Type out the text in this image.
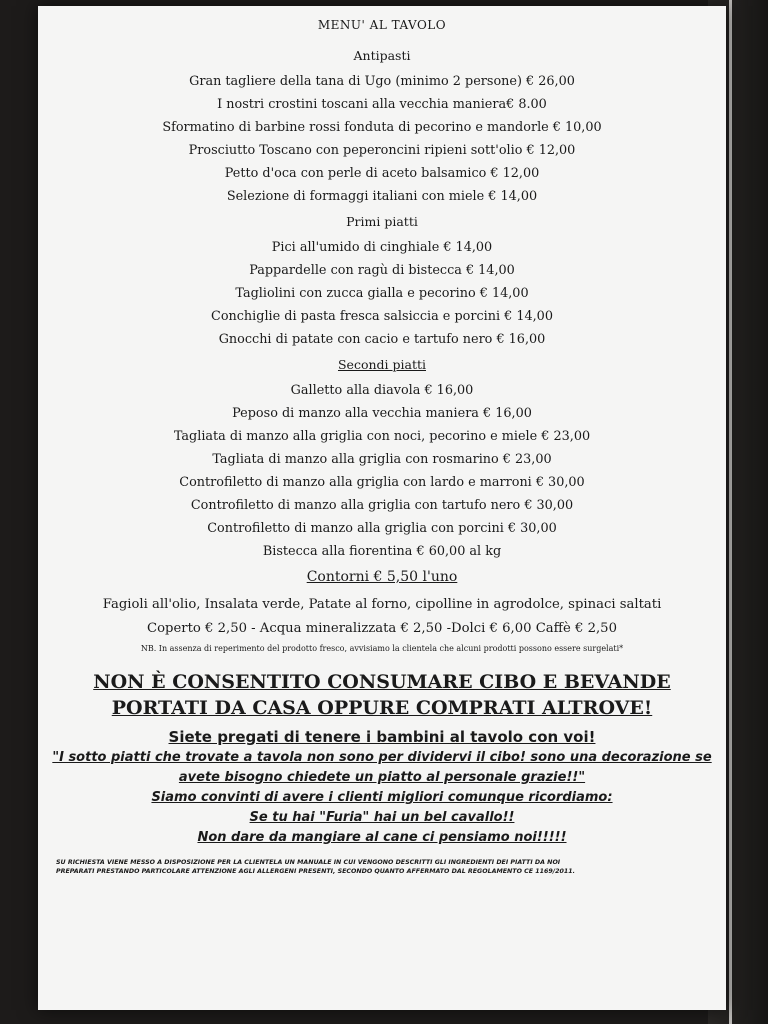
MENU' AL TAVOLO
Antipasti
Gran tagliere della tana di Ugo (minimo 2 persone) € 26,00
I nostri crostini toscani alla vecchia maniera€ 8.00
Sformatino di barbine rossi fonduta di pecorino e mandorle € 10,00
Prosciutto Toscano con peperoncini ripieni sott'olio € 12,00
Petto d'oca con perle di aceto balsamico € 12,00
Selezione di formaggi italiani con miele € 14,00
Primi piatti
Pici all'umido di cinghiale € 14,00
Pappardelle con ragù di bistecca € 14,00
Tagliolini con zucca gialla e pecorino € 14,00
Conchiglie di pasta fresca salsiccia e porcini € 14,00
Gnocchi di patate con cacio e tartufo nero € 16,00
Secondi piatti
Galletto alla diavola € 16,00
Peposo di manzo alla vecchia maniera € 16,00
Tagliata di manzo alla griglia con noci, pecorino e miele € 23,00
Tagliata di manzo alla griglia con rosmarino € 23,00
Controfiletto di manzo alla griglia con lardo e marroni € 30,00
Controfiletto di manzo alla griglia con tartufo nero € 30,00
Controfiletto di manzo alla griglia con porcini € 30,00
Bistecca alla fiorentina € 60,00 al kg
Contorni € 5,50 l'uno
Fagioli all'olio, Insalata verde, Patate al forno, cipolline in agrodolce, spinaci saltati
Coperto € 2,50 - Acqua mineralizzata € 2,50 -Dolci € 6,00 Caffè € 2,50
NB. In assenza di reperimento del prodotto fresco, avvisiamo la clientela che alcuni prodotti possono essere surgelati*
NON È CONSENTITO CONSUMARE CIBO E BEVANDE
PORTATI DA CASA OPPURE COMPRATI ALTROVE!
Siete pregati di tenere i bambini al tavolo con voi!
"I sotto piatti che trovate a tavola non sono per dividervi il cibo! sono una decorazione se
avete bisogno chiedete un piatto al personale grazie!!"
Siamo convinti di avere i clienti migliori comunque ricordiamo:
Se tu hai "Furia" hai un bel cavallo!!
Non dare da mangiare al cane ci pensiamo noi!!!!!
SU RICHIESTA VIENE MESSO A DISPOSIZIONE PER LA CLIENTELA UN MANUALE IN CUI VENGONO DESCRITTI GLI INGREDIENTI DEI PIATTI DA NOI
PREPARATI PRESTANDO PARTICOLARE ATTENZIONE AGLI ALLERGENI PRESENTI, SECONDO QUANTO AFFERMATO DAL REGOLAMENTO CE 1169/2011.
